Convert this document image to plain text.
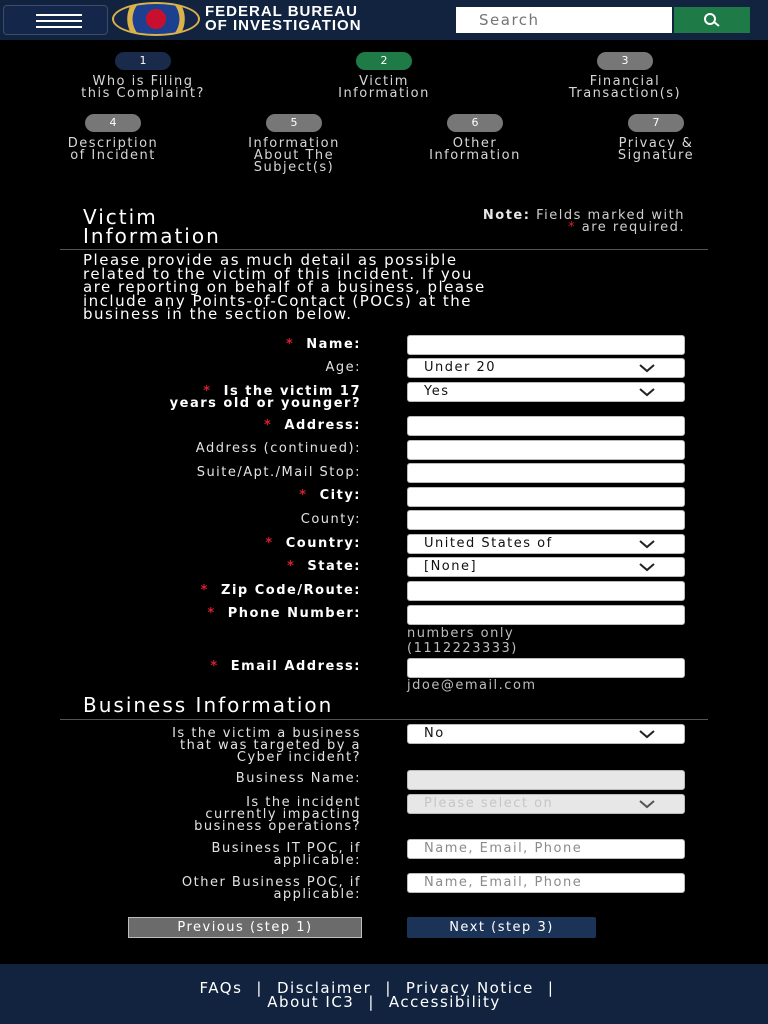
FEDERAL BUREAU
OF INVESTIGATION
Search
1
Who is Filing
this Complaint?
2
Victim
Information
3
Financial
Transaction(s)
4
Description
of Incident
5
Information
About The
Subject(s)
6
Other
Information
7
Privacy &
Signature
Victim
Information
Note: Fields marked with
* are required.
Please provide as much detail as possible
related to the victim of this incident. If you
are reporting on behalf of a business, please
include any Points-of-Contact (POCs) at the
business in the section below.
* Name:
Age:	Under 20
* Is the victim 17
years old or younger?
Yes
* Address:
Address (continued):
Suite/Apt./Mail Stop:
* City:
County:
* Country:	United States of
* State:	[None]
* Zip Code/Route:
* Phone Number:
numbers only
(1112223333)
* Email Address:
jdoe@email.com
Business Information
Is the victim a business
that was targeted by a
Cyber incident?
No
Business Name:
Is the incident
currently impacting
business operations?
Please select on
Business IT POC, if
applicable:
Name, Email, Phone
Other Business POC, if
applicable:
Name, Email, Phone
Previous (step 1)	Next (step 3)
FAQs | Disclaimer | Privacy Notice |
About IC3 | Accessibility
